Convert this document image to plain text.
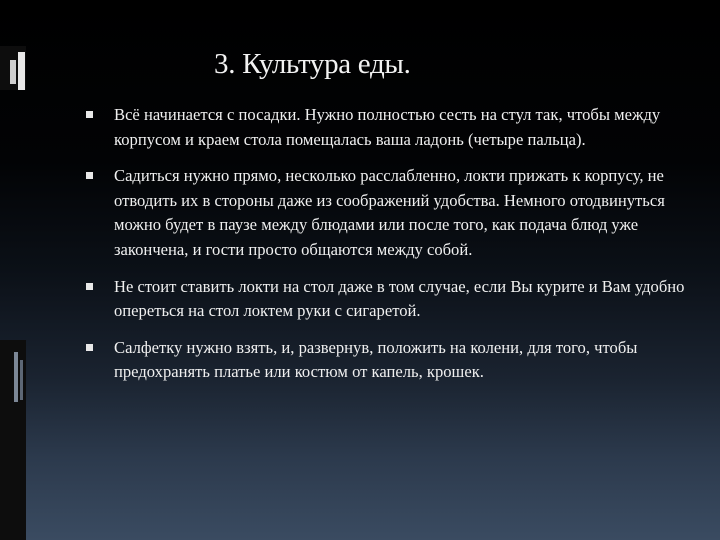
3. Культура еды.
Всё начинается с посадки. Нужно полностью сесть на стул так, чтобы между корпусом и краем стола помещалась ваша ладонь (четыре пальца).
Садиться нужно прямо, несколько расслабленно, локти прижать к корпусу, не отводить их в стороны даже из соображений удобства. Немного отодвинуться можно будет в паузе между блюдами или после того, как подача блюд уже закончена, и гости просто общаются между собой.
Не стоит ставить локти на стол даже в том случае, если Вы курите и Вам удобно опереться на стол локтем руки с сигаретой.
Салфетку нужно взять, и, развернув, положить на колени, для того, чтобы предохранять платье или костюм от капель, крошек.
